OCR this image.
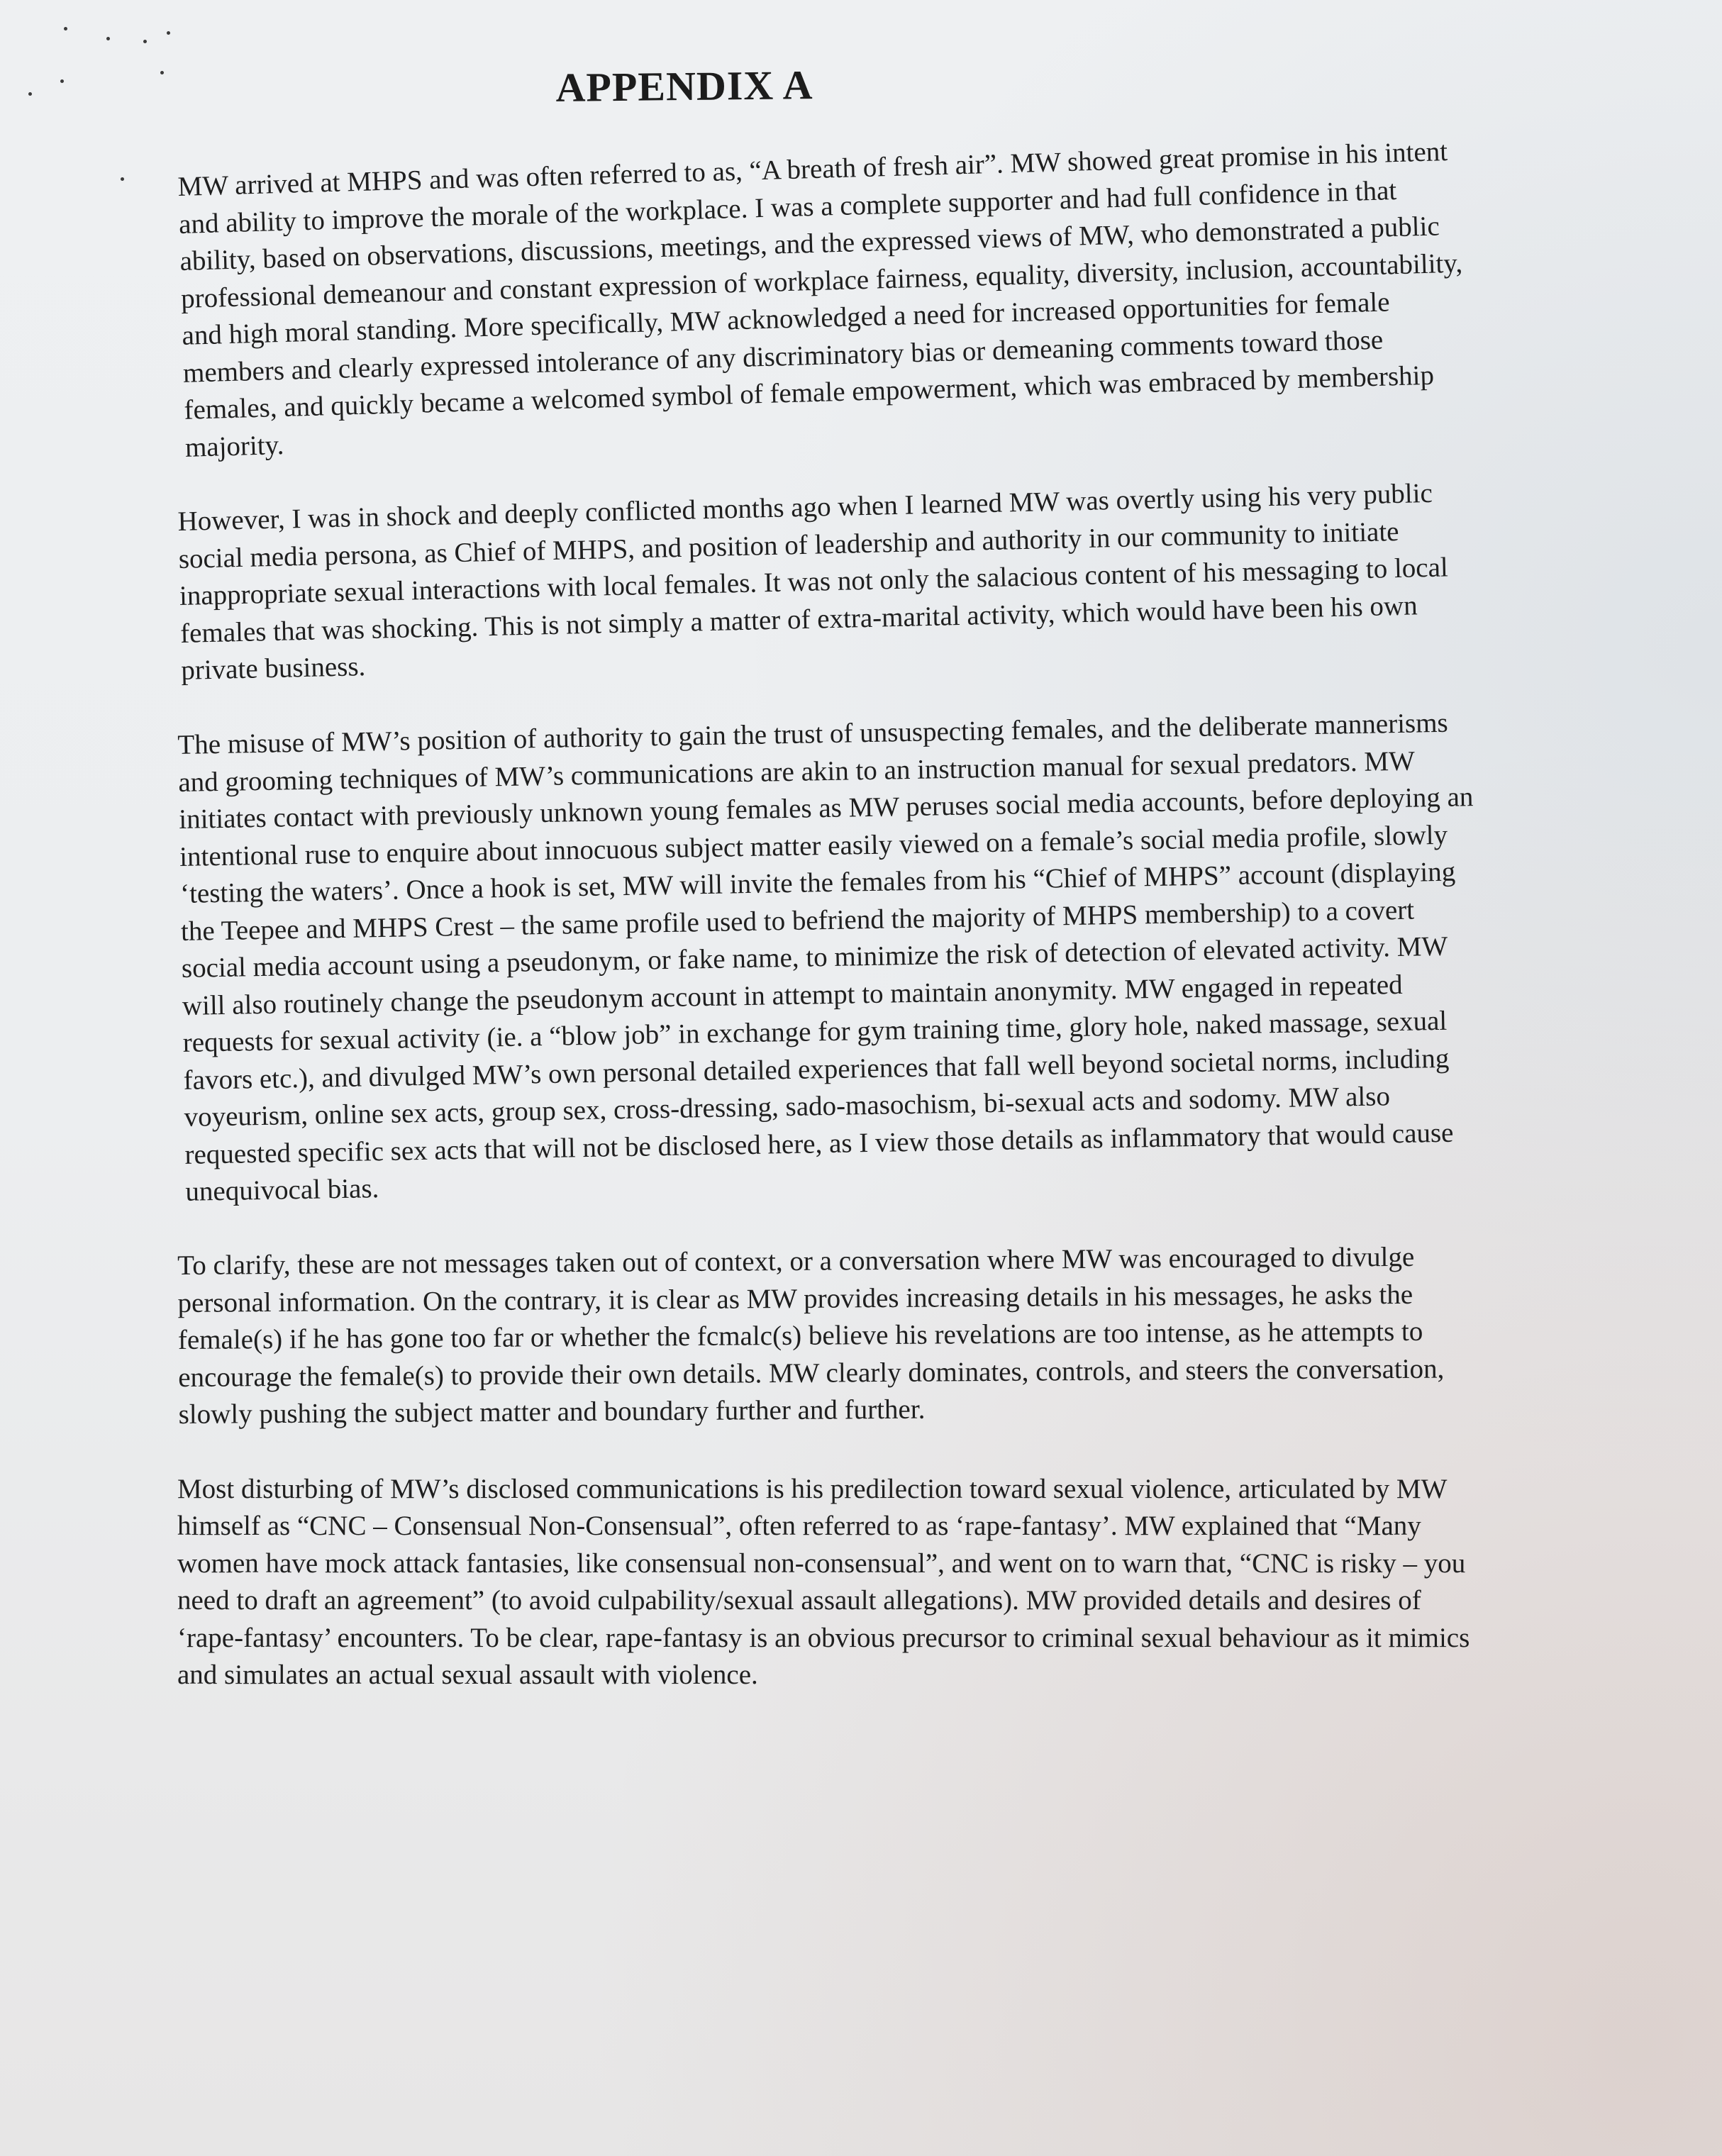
APPENDIX A

MW arrived at MHPS and was often referred to as, “A breath of fresh air”. MW showed great promise in his intent and ability to improve the morale of the workplace. I was a complete supporter and had full confidence in that ability, based on observations, discussions, meetings, and the expressed views of MW, who demonstrated a public professional demeanour and constant expression of workplace fairness, equality, diversity, inclusion, accountability, and high moral standing. More specifically, MW acknowledged a need for increased opportunities for female members and clearly expressed intolerance of any discriminatory bias or demeaning comments toward those females, and quickly became a welcomed symbol of female empowerment, which was embraced by membership majority.

However, I was in shock and deeply conflicted months ago when I learned MW was overtly using his very public social media persona, as Chief of MHPS, and position of leadership and authority in our community to initiate inappropriate sexual interactions with local females. It was not only the salacious content of his messaging to local females that was shocking. This is not simply a matter of extra-marital activity, which would have been his own private business.

The misuse of MW’s position of authority to gain the trust of unsuspecting females, and the deliberate mannerisms and grooming techniques of MW’s communications are akin to an instruction manual for sexual predators. MW initiates contact with previously unknown young females as MW peruses social media accounts, before deploying an intentional ruse to enquire about innocuous subject matter easily viewed on a female’s social media profile, slowly ‘testing the waters’. Once a hook is set, MW will invite the females from his “Chief of MHPS” account (displaying the Teepee and MHPS Crest – the same profile used to befriend the majority of MHPS membership) to a covert social media account using a pseudonym, or fake name, to minimize the risk of detection of elevated activity. MW will also routinely change the pseudonym account in attempt to maintain anonymity. MW engaged in repeated requests for sexual activity (ie. a “blow job” in exchange for gym training time, glory hole, naked massage, sexual favors etc.), and divulged MW’s own personal detailed experiences that fall well beyond societal norms, including voyeurism, online sex acts, group sex, cross-dressing, sado-masochism, bi-sexual acts and sodomy. MW also requested specific sex acts that will not be disclosed here, as I view those details as inflammatory that would cause unequivocal bias.

To clarify, these are not messages taken out of context, or a conversation where MW was encouraged to divulge personal information. On the contrary, it is clear as MW provides increasing details in his messages, he asks the female(s) if he has gone too far or whether the fcmalc(s) believe his revelations are too intense, as he attempts to encourage the female(s) to provide their own details. MW clearly dominates, controls, and steers the conversation, slowly pushing the subject matter and boundary further and further.

Most disturbing of MW’s disclosed communications is his predilection toward sexual violence, articulated by MW himself as “CNC – Consensual Non-Consensual”, often referred to as ‘rape-fantasy’. MW explained that “Many women have mock attack fantasies, like consensual non-consensual”, and went on to warn that, “CNC is risky – you need to draft an agreement” (to avoid culpability/sexual assault allegations). MW provided details and desires of ‘rape-fantasy’ encounters. To be clear, rape-fantasy is an obvious precursor to criminal sexual behaviour as it mimics and simulates an actual sexual assault with violence.
